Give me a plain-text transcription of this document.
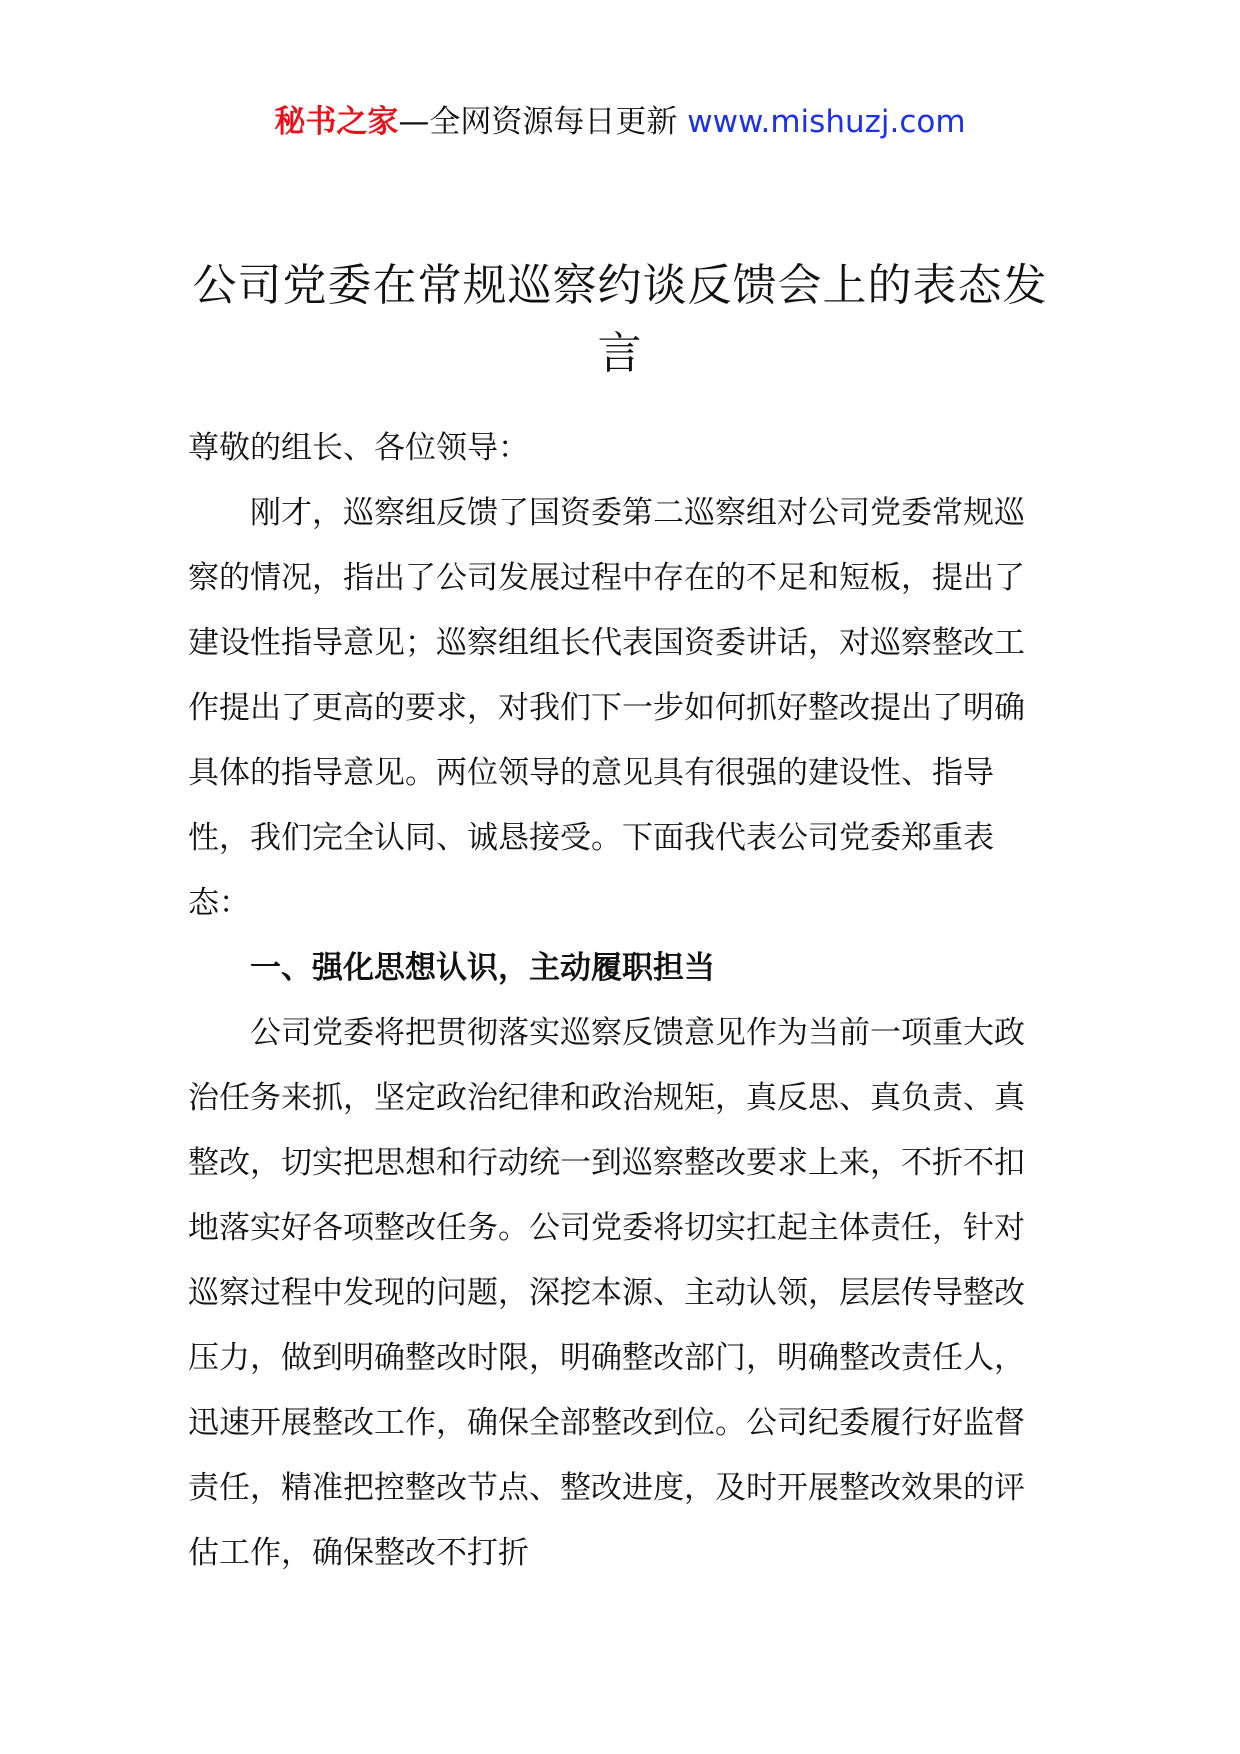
秘书之家—全网资源每日更新 www.mishuzj.com
公司党委在常规巡察约谈反馈会上的表态发言

尊敬的组长、各位领导：

刚才，巡察组反馈了国资委第二巡察组对公司党委常规巡察的情况，指出了公司发展过程中存在的不足和短板，提出了建设性指导意见；巡察组组长代表国资委讲话，对巡察整改工作提出了更高的要求，对我们下一步如何抓好整改提出了明确具体的指导意见。两位领导的意见具有很强的建设性、指导性，我们完全认同、诚恳接受。下面我代表公司党委郑重表态：

一、强化思想认识，主动履职担当

公司党委将把贯彻落实巡察反馈意见作为当前一项重大政治任务来抓，坚定政治纪律和政治规矩，真反思、真负责、真整改，切实把思想和行动统一到巡察整改要求上来，不折不扣地落实好各项整改任务。公司党委将切实扛起主体责任，针对巡察过程中发现的问题，深挖本源、主动认领，层层传导整改压力，做到明确整改时限，明确整改部门，明确整改责任人，迅速开展整改工作，确保全部整改到位。公司纪委履行好监督责任，精准把控整改节点、整改进度，及时开展整改效果的评估工作，确保整改不打折
